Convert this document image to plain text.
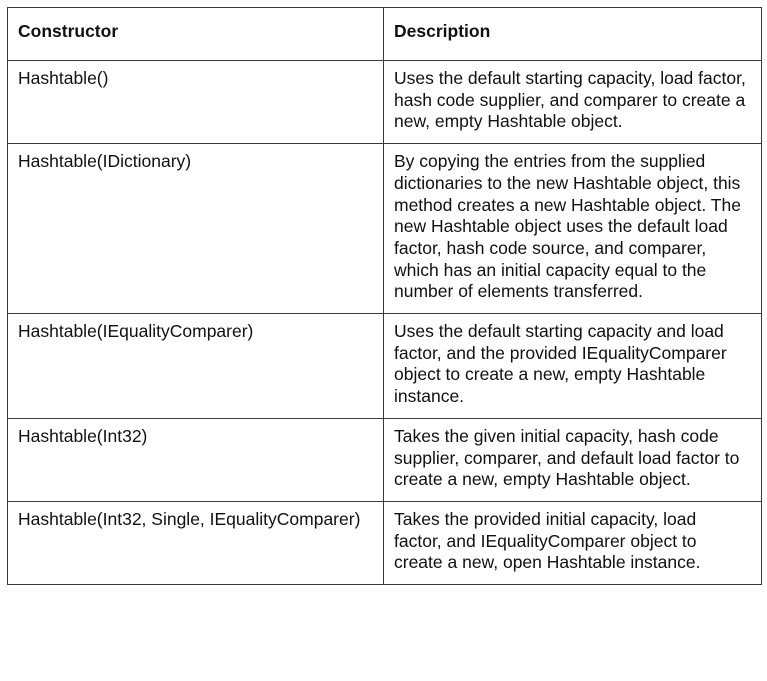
Constructor	Description
Hashtable()	Uses the default starting capacity, load factor, hash code supplier, and comparer to create a new, empty Hashtable object.
Hashtable(IDictionary)	By copying the entries from the supplied dictionaries to the new Hashtable object, this method creates a new Hashtable object. The new Hashtable object uses the default load factor, hash code source, and comparer, which has an initial capacity equal to the number of elements transferred.
Hashtable(IEqualityComparer)	Uses the default starting capacity and load factor, and the provided IEqualityComparer object to create a new, empty Hashtable instance.
Hashtable(Int32)	Takes the given initial capacity, hash code supplier, comparer, and default load factor to create a new, empty Hashtable object.
Hashtable(Int32, Single, IEqualityComparer)	Takes the provided initial capacity, load factor, and IEqualityComparer object to create a new, open Hashtable instance.
